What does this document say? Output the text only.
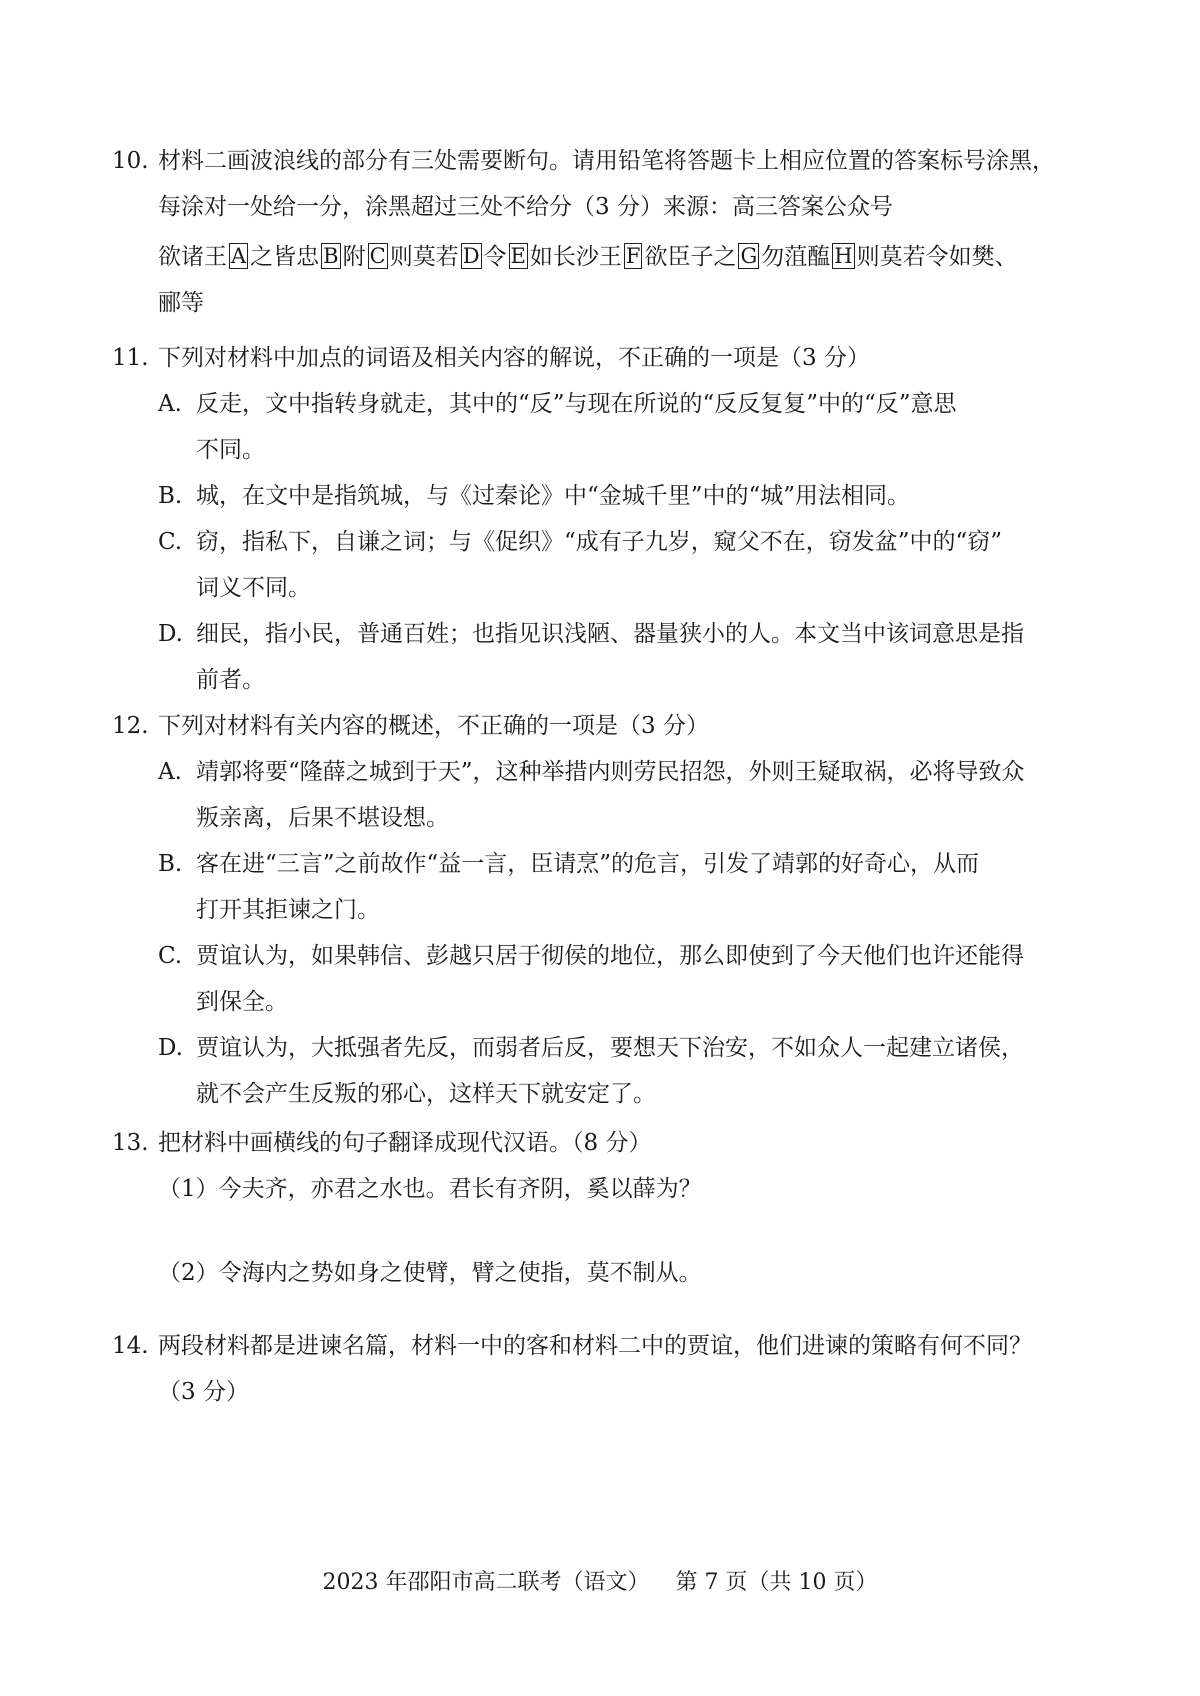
10. 材料二画波浪线的部分有三处需要断句。请用铅笔将答题卡上相应位置的答案标号涂黑，
每涂对一处给一分，涂黑超过三处不给分（3 分）来源：高三答案公众号
欲诸王 A 之皆忠 B 附 C 则莫若 D 令 E 如长沙王 F 欲臣子之 G 勿菹醢 H 则莫若令如樊、
郦等
11. 下列对材料中加点的词语及相关内容的解说，不正确的一项是（3 分）
A. 反走，文中指转身就走，其中的“反”与现在所说的“反反复复”中的“反”意思
不同。
B. 城，在文中是指筑城，与《过秦论》中“金城千里”中的“城”用法相同。
C. 窃，指私下，自谦之词；与《促织》“成有子九岁，窥父不在，窃发盆”中的“窃”
词义不同。
D. 细民，指小民，普通百姓；也指见识浅陋、器量狭小的人。本文当中该词意思是指
前者。
12. 下列对材料有关内容的概述，不正确的一项是（3 分）
A. 靖郭将要“隆薛之城到于天”，这种举措内则劳民招怨，外则王疑取祸，必将导致众
叛亲离，后果不堪设想。
B. 客在进“三言”之前故作“益一言，臣请烹”的危言，引发了靖郭的好奇心，从而
打开其拒谏之门。
C. 贾谊认为，如果韩信、彭越只居于彻侯的地位，那么即使到了今天他们也许还能得
到保全。
D. 贾谊认为，大抵强者先反，而弱者后反，要想天下治安，不如众人一起建立诸侯，
就不会产生反叛的邪心，这样天下就安定了。
13. 把材料中画横线的句子翻译成现代汉语。（8 分）
（1）今夫齐，亦君之水也。君长有齐阴，奚以薛为？
（2）令海内之势如身之使臂，臂之使指，莫不制从。
14. 两段材料都是进谏名篇，材料一中的客和材料二中的贾谊，他们进谏的策略有何不同？
（3 分）
2023 年邵阳市高二联考（语文） 第 7 页（共 10 页）
